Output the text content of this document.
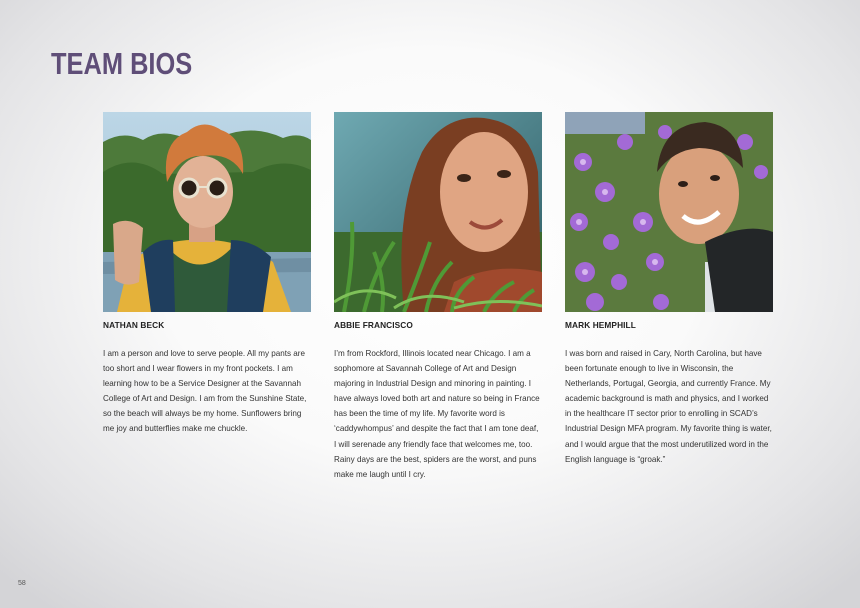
TEAM BIOS
NATHAN BECK
I am a person and love to serve people. All my pants are too short and I wear flowers in my front pockets. I am learning how to be a Service Designer at the Savannah College of Art and Design. I am from the Sunshine State, so the beach will always be my home. Sunflowers bring me joy and butterflies make me chuckle.
ABBIE FRANCISCO
I’m from Rockford, Illinois located near Chicago. I am a sophomore at Savannah College of Art and Design majoring in Industrial Design and minoring in painting. I have always loved both art and nature so being in France has been the time of my life. My favorite word is ‘caddywhompus’ and despite the fact that I am tone deaf, I will serenade any friendly face that welcomes me, too. Rainy days are the best, spiders are the worst, and puns make me laugh until I cry.
MARK HEMPHILL
I was born and raised in Cary, North Carolina, but have been fortunate enough to live in Wisconsin, the Netherlands, Portugal, Georgia, and currently France. My academic background is math and physics, and I worked in the healthcare IT sector prior to enrolling in SCAD’s Industrial Design MFA program. My favorite thing is water, and I would argue that the most underutilized word in the English language is “groak.”
58
